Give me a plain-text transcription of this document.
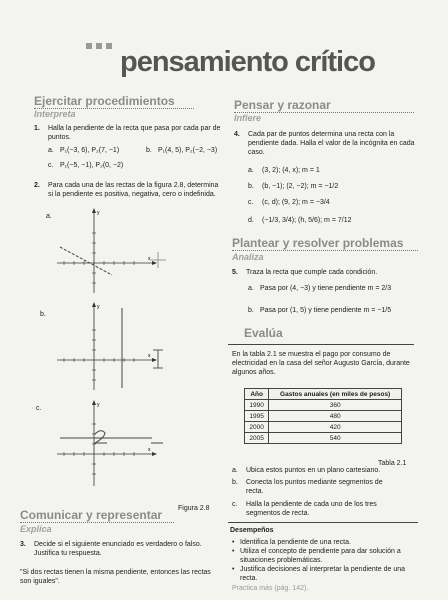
pensamiento crítico
Ejercitar procedimientos
Interpreta
1.	Halla la pendiente de la recta que pasa por cada par de puntos.
a. P₁(−3, 6), P₂(7, −1)	b. P₁(4, 5), P₂(−2, −3)
c. P₁(−5, −1), P₂(0, −2)
2. Para cada una de las rectas de la figura 2.8, determina si la pendiente es positiva, negativa, cero o indefinida.
a.
x
y
b.
x
y
c.
x
y
Figura 2.8
Comunicar y representar
Explica
3. Decide si el siguiente enunciado es verdadero o falso. Justifica tu respuesta.
"Si dos rectas tienen la misma pendiente, entonces las rectas son iguales".
Pensar y razonar
Infiere
4. Cada par de puntos determina una recta con la pendiente dada. Halla el valor de la incógnita en cada caso.
a. (3, 2); (4, x); m = 1
b. (b, −1); (2, −2); m = −1/2
c. (c, d); (9, 2); m = −3/4
d. (−1/3, 3/4); (h, 5/6); m = 7/12
Plantear y resolver problemas
Analiza
5. Traza la recta que cumple cada condición.
a. Pasa por (4, −3) y tiene pendiente m = 2/3
b. Pasa por (1, 5) y tiene pendiente m = −1/5
Evalúa
En la tabla 2.1 se muestra el pago por consumo de electricidad en la casa del señor Augusto García, durante algunos años.
Año	Gastos anuales (en miles de pesos)
1990	360
1995	480
2000	420
2005	540
Tabla 2.1
a. Ubica estos puntos en un plano cartesiano.
b. Conecta los puntos mediante segmentos de recta.
c. Halla la pendiente de cada uno de los tres segmentos de recta.
Desempeños
• Identifica la pendiente de una recta.
• Utiliza el concepto de pendiente para dar solución a situaciones problemáticas.
• Justifica decisiones al interpretar la pendiente de una recta.
Practica más (pág. 142).
